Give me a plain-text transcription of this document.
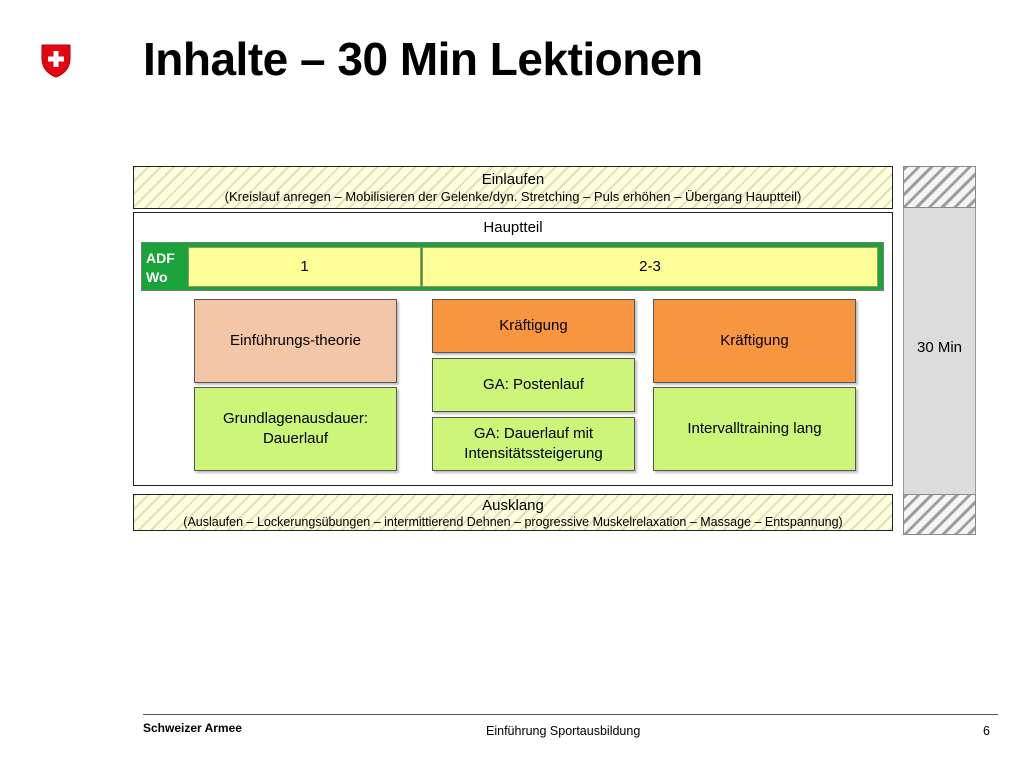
Inhalte – 30 Min Lektionen
30 Min
Einlaufen
(Kreislauf anregen – Mobilisieren der Gelenke/dyn. Stretching – Puls erhöhen – Übergang Hauptteil)
Hauptteil
ADF
Wo
1	2-3
Einführungs-theorie
Grundlagenausdauer: Dauerlauf
Kräftigung
GA: Postenlauf
GA: Dauerlauf mit Intensitätssteigerung
Kräftigung
Intervalltraining lang
Ausklang
(Auslaufen – Lockerungsübungen – intermittierend Dehnen – progressive Muskelrelaxation – Massage – Entspannung)
Schweizer Armee	Einführung Sportausbildung	6
